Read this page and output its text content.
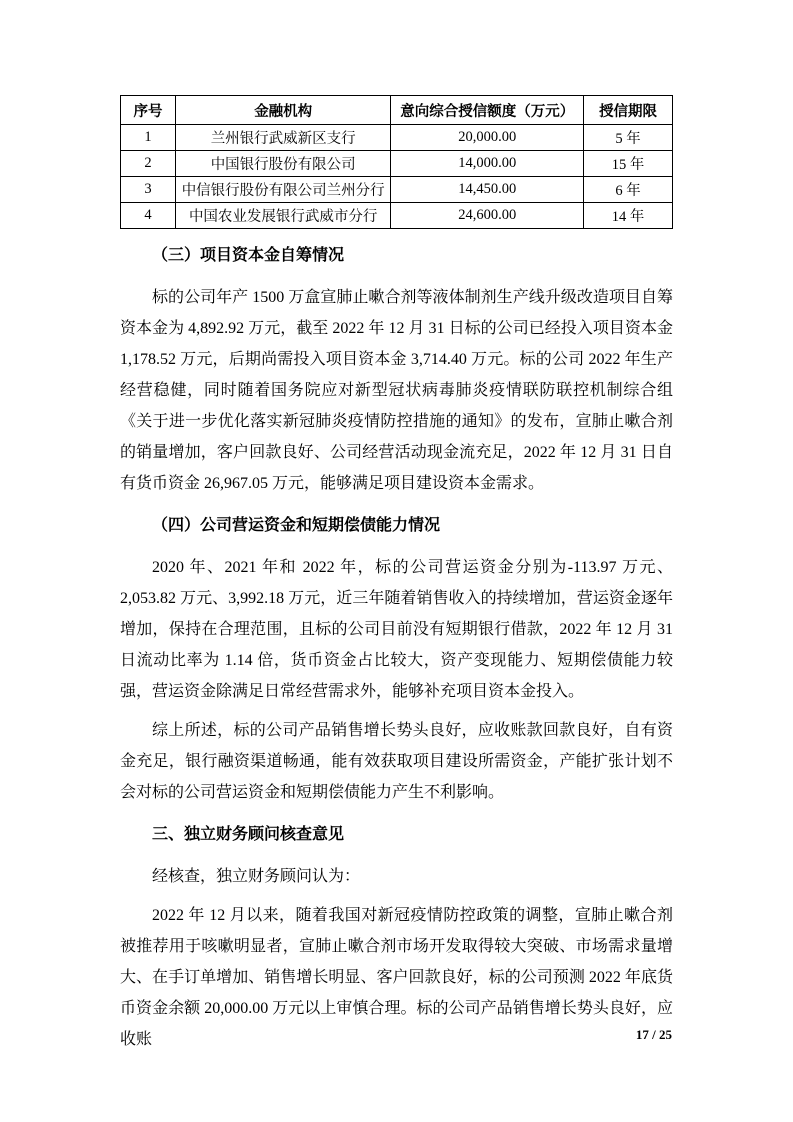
序号	金融机构	意向综合授信额度（万元）	授信期限
1	兰州银行武威新区支行	20,000.00	5 年
2	中国银行股份有限公司	14,000.00	15 年
3	中信银行股份有限公司兰州分行	14,450.00	6 年
4	中国农业发展银行武威市分行	24,600.00	14 年
（三）项目资本金自筹情况

标的公司年产 1500 万盒宣肺止嗽合剂等液体制剂生产线升级改造项目自筹资本金为 4,892.92 万元，截至 2022 年 12 月 31 日标的公司已经投入项目资本金 1,178.52 万元，后期尚需投入项目资本金 3,714.40 万元。标的公司 2022 年生产经营稳健，同时随着国务院应对新型冠状病毒肺炎疫情联防联控机制综合组《关于进一步优化落实新冠肺炎疫情防控措施的通知》的发布，宣肺止嗽合剂的销量增加，客户回款良好、公司经营活动现金流充足，2022 年 12 月 31 日自有货币资金 26,967.05 万元，能够满足项目建设资本金需求。

（四）公司营运资金和短期偿债能力情况

2020 年、2021 年和 2022 年，标的公司营运资金分别为-113.97 万元、2,053.82 万元、3,992.18 万元，近三年随着销售收入的持续增加，营运资金逐年增加，保持在合理范围，且标的公司目前没有短期银行借款，2022 年 12 月 31 日流动比率为 1.14 倍，货币资金占比较大，资产变现能力、短期偿债能力较强，营运资金除满足日常经营需求外，能够补充项目资本金投入。

综上所述，标的公司产品销售增长势头良好，应收账款回款良好，自有资金充足，银行融资渠道畅通，能有效获取项目建设所需资金，产能扩张计划不会对标的公司营运资金和短期偿债能力产生不利影响。

三、独立财务顾问核查意见

经核查，独立财务顾问认为：

2022 年 12 月以来，随着我国对新冠疫情防控政策的调整，宣肺止嗽合剂被推荐用于咳嗽明显者，宣肺止嗽合剂市场开发取得较大突破、市场需求量增大、在手订单增加、销售增长明显、客户回款良好，标的公司预测 2022 年底货币资金余额 20,000.00 万元以上审慎合理。标的公司产品销售增长势头良好，应收账	17 / 25
